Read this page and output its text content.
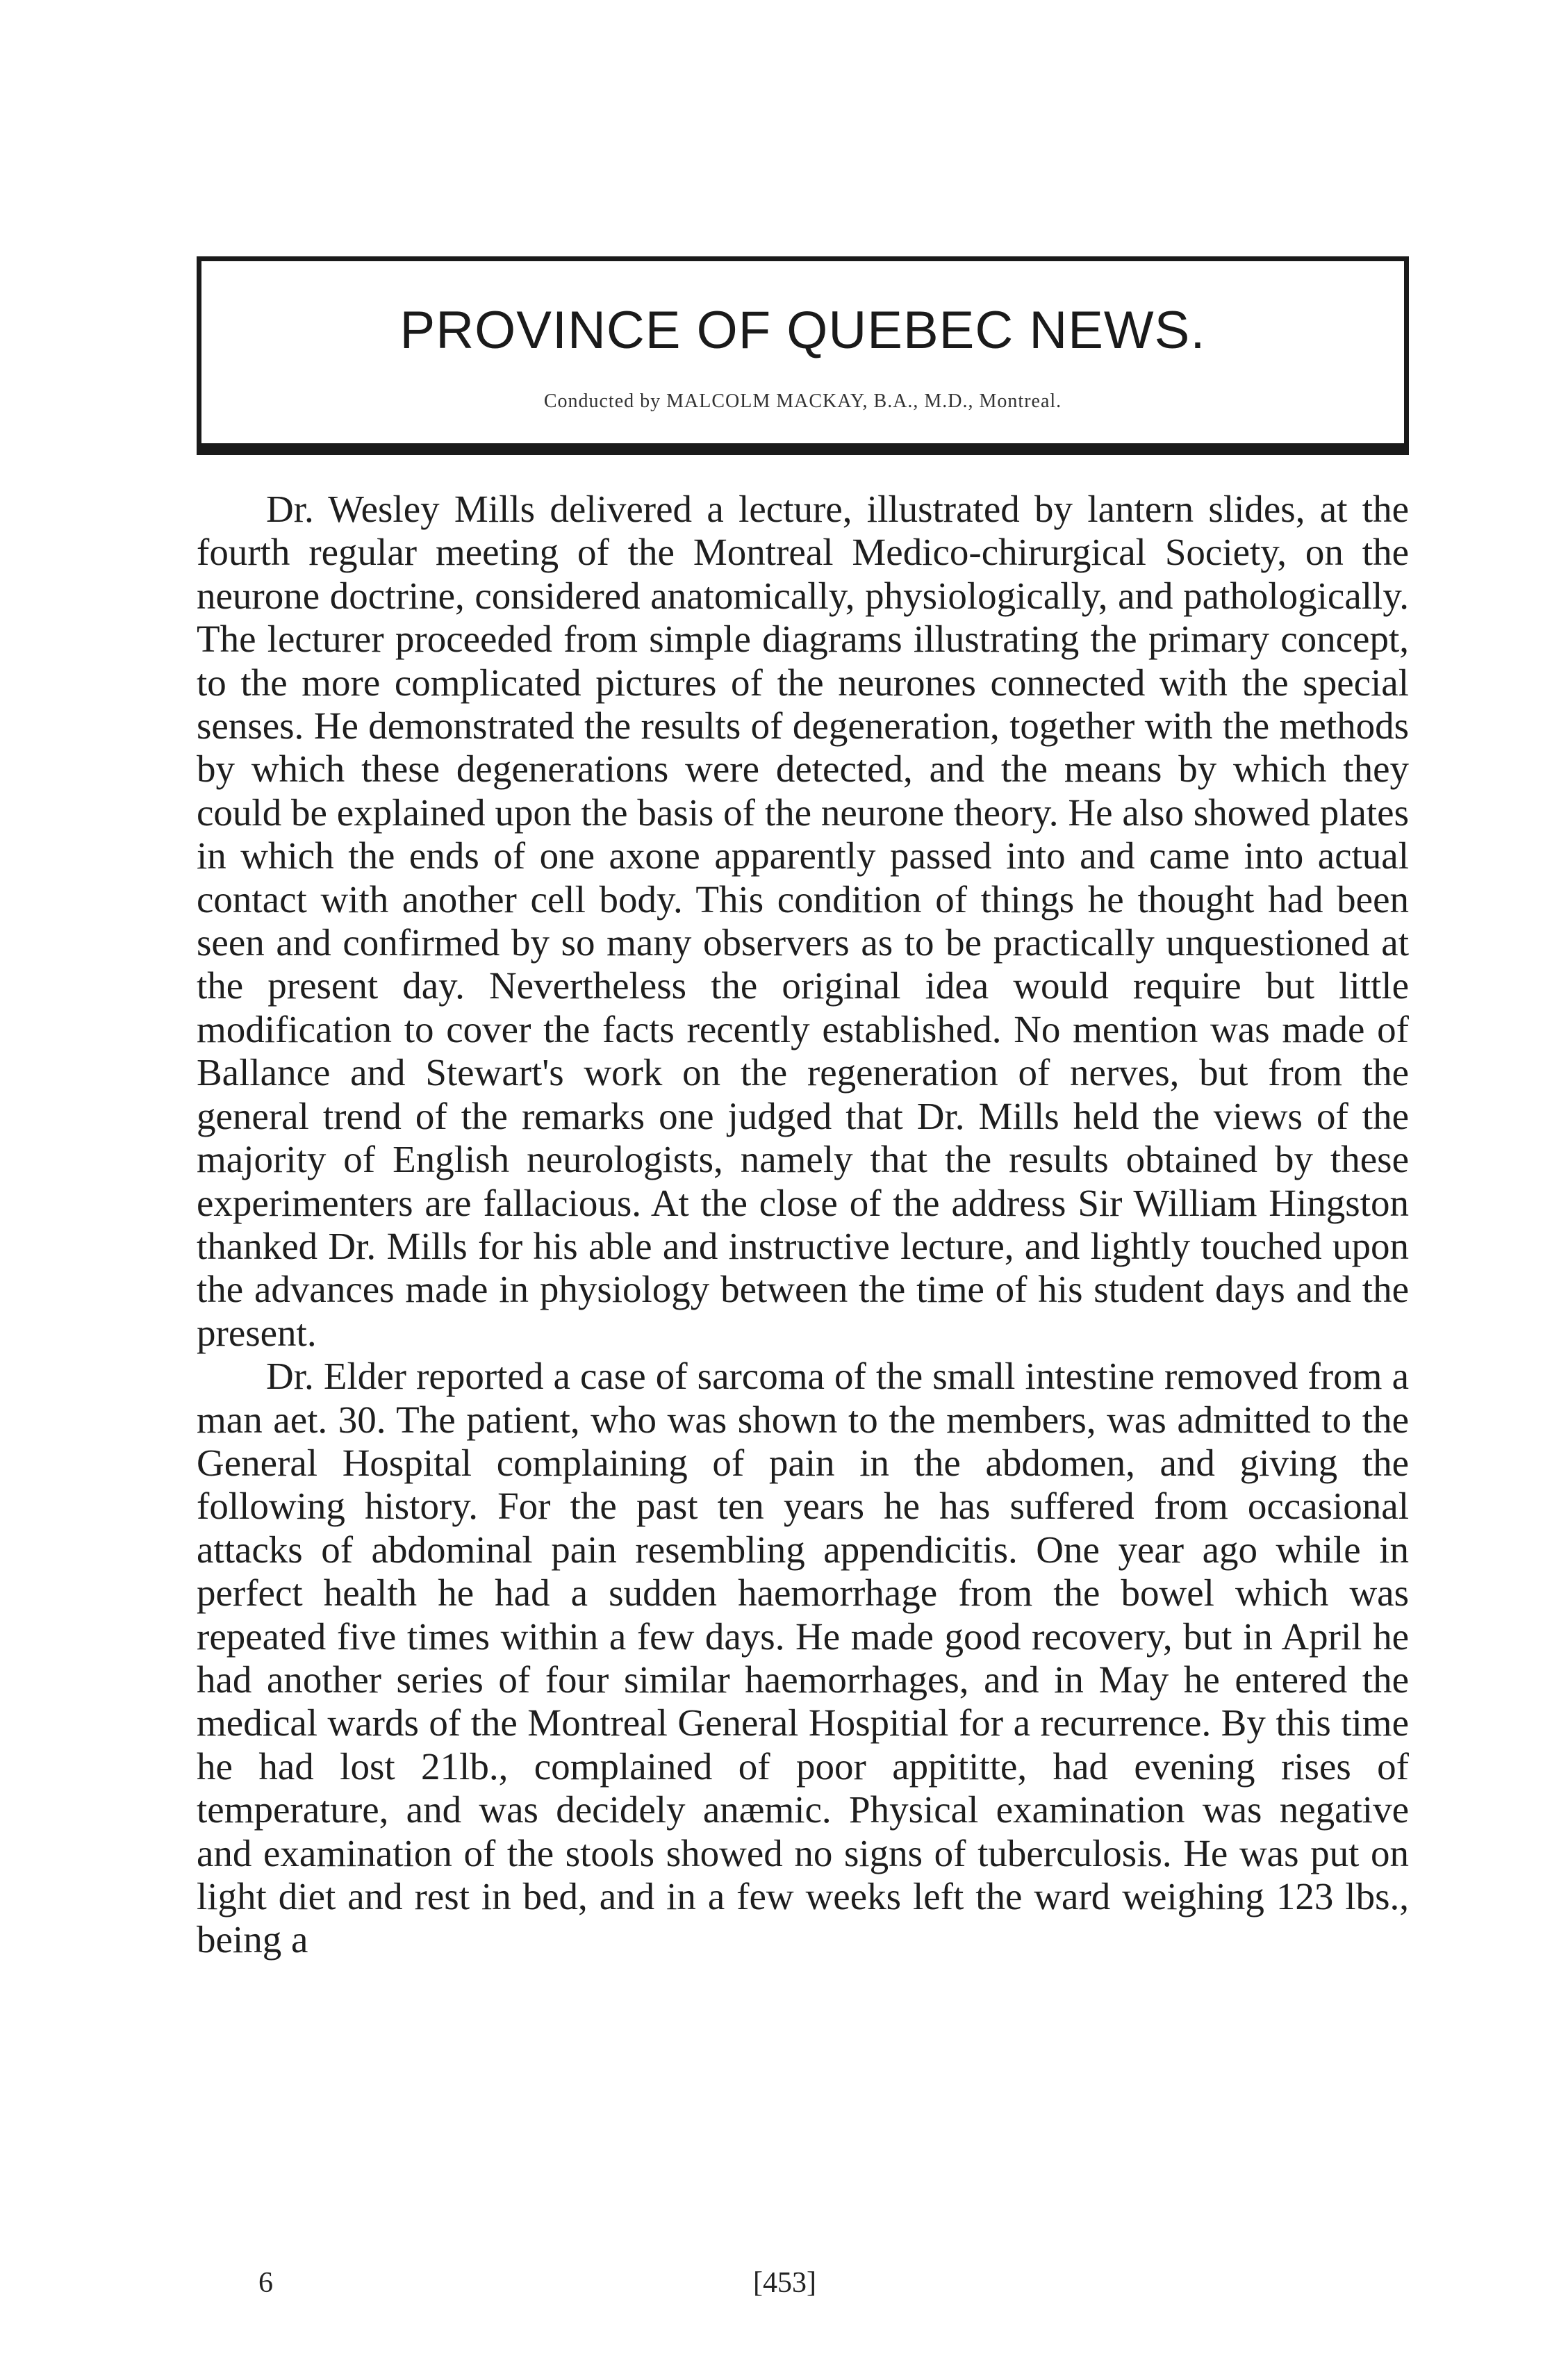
PROVINCE OF QUEBEC NEWS.
Conducted by MALCOLM MACKAY, B.A., M.D., Montreal.

Dr. Wesley Mills delivered a lecture, illustrated by lantern slides, at the fourth regular meeting of the Montreal Medico-chirurgical Society, on the neurone doctrine, considered anatomically, physiologically, and pathologically. The lecturer proceeded from simple diagrams illustrating the primary concept, to the more complicated pictures of the neurones connected with the special senses. He demonstrated the results of degeneration, together with the methods by which these degenerations were detected, and the means by which they could be explained upon the basis of the neurone theory. He also showed plates in which the ends of one axone apparently passed into and came into actual contact with another cell body. This condition of things he thought had been seen and confirmed by so many observers as to be practically unquestioned at the present day. Nevertheless the original idea would require but little modification to cover the facts recently established. No mention was made of Ballance and Stewart's work on the regeneration of nerves, but from the general trend of the remarks one judged that Dr. Mills held the views of the majority of English neurologists, namely that the results obtained by these experimenters are fallacious. At the close of the address Sir William Hingston thanked Dr. Mills for his able and instructive lecture, and lightly touched upon the advances made in physiology between the time of his student days and the present.

Dr. Elder reported a case of sarcoma of the small intestine removed from a man aet. 30. The patient, who was shown to the members, was admitted to the General Hospital complaining of pain in the abdomen, and giving the following history. For the past ten years he has suffered from occasional attacks of abdominal pain resembling appendicitis. One year ago while in perfect health he had a sudden haemorrhage from the bowel which was repeated five times within a few days. He made good recovery, but in April he had another series of four similar haemorrhages, and in May he entered the medical wards of the Montreal General Hospitial for a recurrence. By this time he had lost 21lb., complained of poor appititte, had evening rises of temperature, and was decidely anæmic. Physical examination was negative and examination of the stools showed no signs of tuberculosis. He was put on light diet and rest in bed, and in a few weeks left the ward weighing 123 lbs., being a

6	[453]
